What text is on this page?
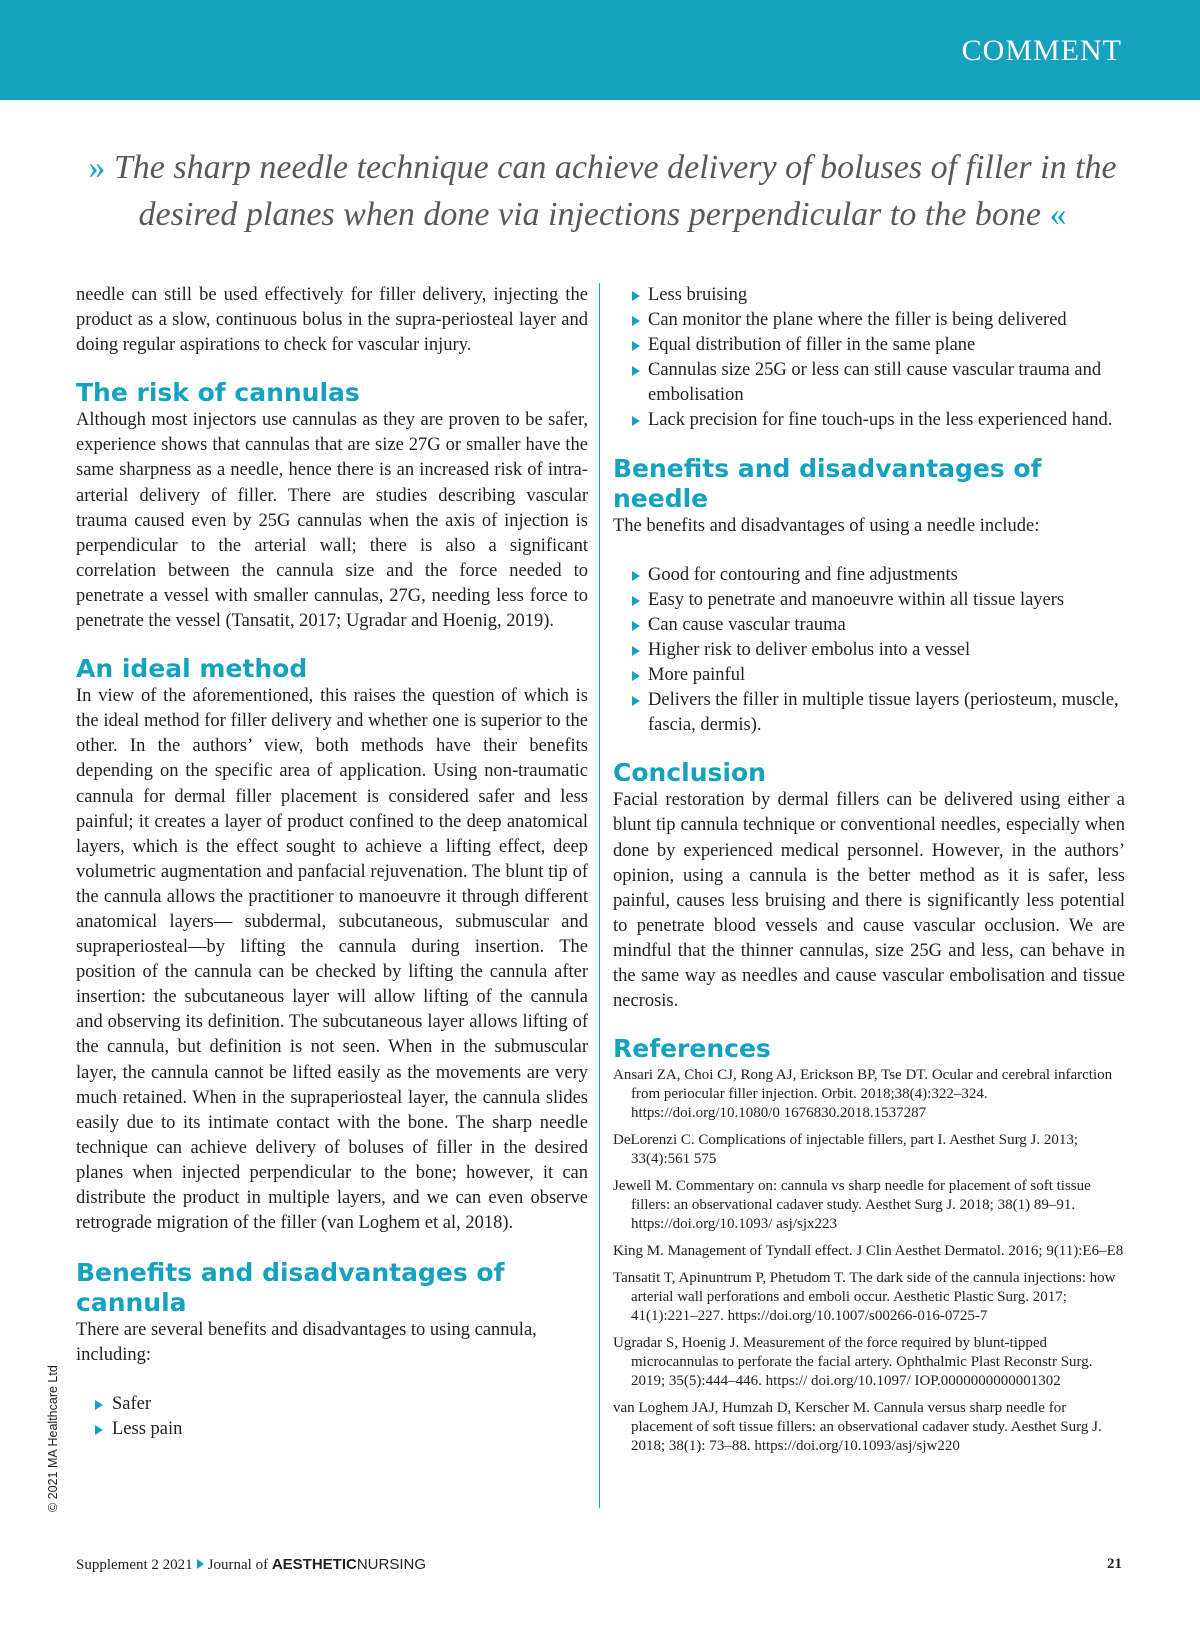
COMMENT
» The sharp needle technique can achieve delivery of boluses of filler in the desired planes when done via injections perpendicular to the bone «

needle can still be used effectively for filler delivery, injecting the product as a slow, continuous bolus in the supra-periosteal layer and doing regular aspirations to check for vascular injury.

The risk of cannulas

Although most injectors use cannulas as they are proven to be safer, experience shows that cannulas that are size 27G or smaller have the same sharpness as a needle, hence there is an increased risk of intra-arterial delivery of filler. There are studies describing vascular trauma caused even by 25G cannulas when the axis of injection is perpendicular to the arterial wall; there is also a significant correlation between the cannula size and the force needed to penetrate a vessel with smaller cannulas, 27G, needing less force to penetrate the vessel (Tansatit, 2017; Ugradar and Hoenig, 2019).

An ideal method

In view of the aforementioned, this raises the question of which is the ideal method for filler delivery and whether one is superior to the other. In the authors’ view, both methods have their benefits depending on the specific area of application. Using non-traumatic cannula for dermal filler placement is considered safer and less painful; it creates a layer of product confined to the deep anatomical layers, which is the effect sought to achieve a lifting effect, deep volumetric augmentation and panfacial rejuvenation. The blunt tip of the cannula allows the practitioner to manoeuvre it through different anatomical layers— subdermal, subcutaneous, submuscular and supraperiosteal—by lifting the cannula during insertion. The position of the cannula can be checked by lifting the cannula after insertion: the subcutaneous layer will allow lifting of the cannula and observing its definition. The subcutaneous layer allows lifting of the cannula, but definition is not seen. When in the submuscular layer, the cannula cannot be lifted easily as the movements are very much retained. When in the supraperiosteal layer, the cannula slides easily due to its intimate contact with the bone. The sharp needle technique can achieve delivery of boluses of filler in the desired planes when injected perpendicular to the bone; however, it can distribute the product in multiple layers, and we can even observe retrograde migration of the filler (van Loghem et al, 2018).

Benefits and disadvantages of cannula

There are several benefits and disadvantages to using cannula, including:

Safer
Less pain
Less bruising
Can monitor the plane where the filler is being delivered
Equal distribution of filler in the same plane
Cannulas size 25G or less can still cause vascular trauma and embolisation
Lack precision for fine touch-ups in the less experienced hand.
Benefits and disadvantages of needle

The benefits and disadvantages of using a needle include:

Good for contouring and fine adjustments
Easy to penetrate and manoeuvre within all tissue layers
Can cause vascular trauma
Higher risk to deliver embolus into a vessel
More painful
Delivers the filler in multiple tissue layers (periosteum, muscle, fascia, dermis).
Conclusion

Facial restoration by dermal fillers can be delivered using either a blunt tip cannula technique or conventional needles, especially when done by experienced medical personnel. However, in the authors’ opinion, using a cannula is the better method as it is safer, less painful, causes less bruising and there is significantly less potential to penetrate blood vessels and cause vascular occlusion. We are mindful that the thinner cannulas, size 25G and less, can behave in the same way as needles and cause vascular embolisation and tissue necrosis.

References
Ansari ZA, Choi CJ, Rong AJ, Erickson BP, Tse DT. Ocular and cerebral infarction from periocular filler injection. Orbit. 2018;38(4):322–324. https://doi.org/10.1080/0 1676830.2018.1537287
DeLorenzi C. Complications of injectable fillers, part I. Aesthet Surg J. 2013; 33(4):561 575
Jewell M. Commentary on: cannula vs sharp needle for placement of soft tissue fillers: an observational cadaver study. Aesthet Surg J. 2018; 38(1) 89–91. https://doi.org/10.1093/ asj/sjx223
King M. Management of Tyndall effect. J Clin Aesthet Dermatol. 2016; 9(11):E6–E8
Tansatit T, Apinuntrum P, Phetudom T. The dark side of the cannula injections: how arterial wall perforations and emboli occur. Aesthetic Plastic Surg. 2017; 41(1):221–227. https://doi.org/10.1007/s00266-016-0725-7
Ugradar S, Hoenig J. Measurement of the force required by blunt-tipped microcannulas to perforate the facial artery. Ophthalmic Plast Reconstr Surg. 2019; 35(5):444–446. https:// doi.org/10.1097/ IOP.0000000000001302
van Loghem JAJ, Humzah D, Kerscher M. Cannula versus sharp needle for placement of soft tissue fillers: an observational cadaver study. Aesthet Surg J. 2018; 38(1): 73–88. https://doi.org/10.1093/asj/sjw220
© 2021 MA Healthcare Ltd
Supplement 2 2021 Journal of AESTHETICNURSING	21
